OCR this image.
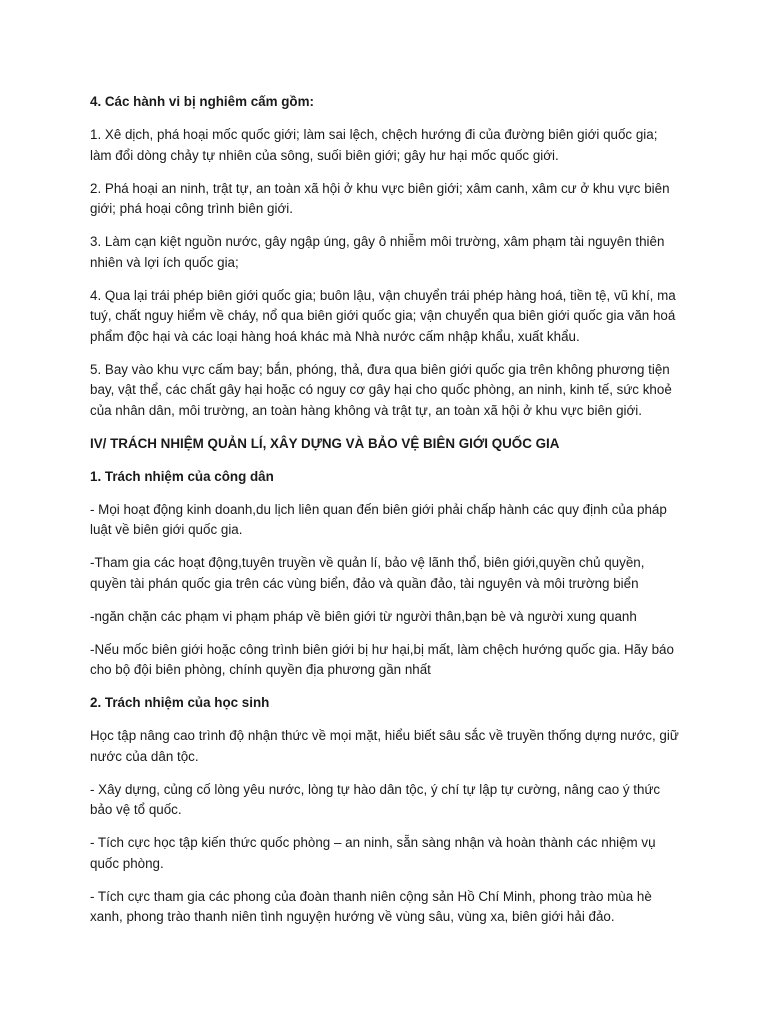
4. Các hành vi bị nghiêm cấm gồm:

1. Xê dịch, phá hoại mốc quốc giới; làm sai lệch, chệch hướng đi của đường biên giới quốc gia; làm đổi dòng chảy tự nhiên của sông, suối biên giới; gây hư hại mốc quốc giới.

2. Phá hoại an ninh, trật tự, an toàn xã hội ở khu vực biên giới; xâm canh, xâm cư ở khu vực biên giới; phá hoại công trình biên giới.

3. Làm cạn kiệt nguồn nước, gây ngập úng, gây ô nhiễm môi trường, xâm phạm tài nguyên thiên nhiên và lợi ích quốc gia;

4. Qua lại trái phép biên giới quốc gia; buôn lậu, vận chuyển trái phép hàng hoá, tiền tệ, vũ khí, ma tuý, chất nguy hiểm về cháy, nổ qua biên giới quốc gia; vận chuyển qua biên giới quốc gia văn hoá phẩm độc hại và các loại hàng hoá khác mà Nhà nước cấm nhập khẩu, xuất khẩu.

5. Bay vào khu vực cấm bay; bắn, phóng, thả, đưa qua biên giới quốc gia trên không phương tiện bay, vật thể, các chất gây hại hoặc có nguy cơ gây hại cho quốc phòng, an ninh, kinh tế, sức khoẻ của nhân dân, môi trường, an toàn hàng không và trật tự, an toàn xã hội ở khu vực biên giới.

IV/ TRÁCH NHIỆM QUẢN LÍ, XÂY DỰNG VÀ BẢO VỆ BIÊN GIỚI QUỐC GIA

1. Trách nhiệm của công dân

- Mọi hoạt động kinh doanh,du lịch liên quan đến biên giới phải chấp hành các quy định của pháp luật về biên giới quốc gia.

-Tham gia các hoạt động,tuyên truyền về quản lí, bảo vệ lãnh thổ, biên giới,quyền chủ quyền, quyền tài phán quốc gia trên các vùng biển, đảo và quần đảo, tài nguyên và môi trường biển

-ngăn chặn các phạm vi phạm pháp về biên giới từ người thân,bạn bè và người xung quanh

-Nếu mốc biên giới hoặc công trình biên giới bị hư hại,bị mất, làm chệch hướng quốc gia. Hãy báo cho bộ đội biên phòng, chính quyền địa phương gần nhất

2. Trách nhiệm của học sinh

Học tập nâng cao trình độ nhận thức về mọi mặt, hiểu biết sâu sắc về truyền thống dựng nước, giữ nước của dân tộc.

- Xây dựng, củng cố lòng yêu nước, lòng tự hào dân tộc, ý chí tự lập tự cường, nâng cao ý thức bảo vệ tổ quốc.

- Tích cực học tập kiến thức quốc phòng – an ninh, sẵn sàng nhận và hoàn thành các nhiệm vụ quốc phòng.

- Tích cực tham gia các phong của đoàn thanh niên cộng sản Hồ Chí Minh, phong trào mùa hè xanh, phong trào thanh niên tình nguyện hướng về vùng sâu, vùng xa, biên giới hải đảo.
